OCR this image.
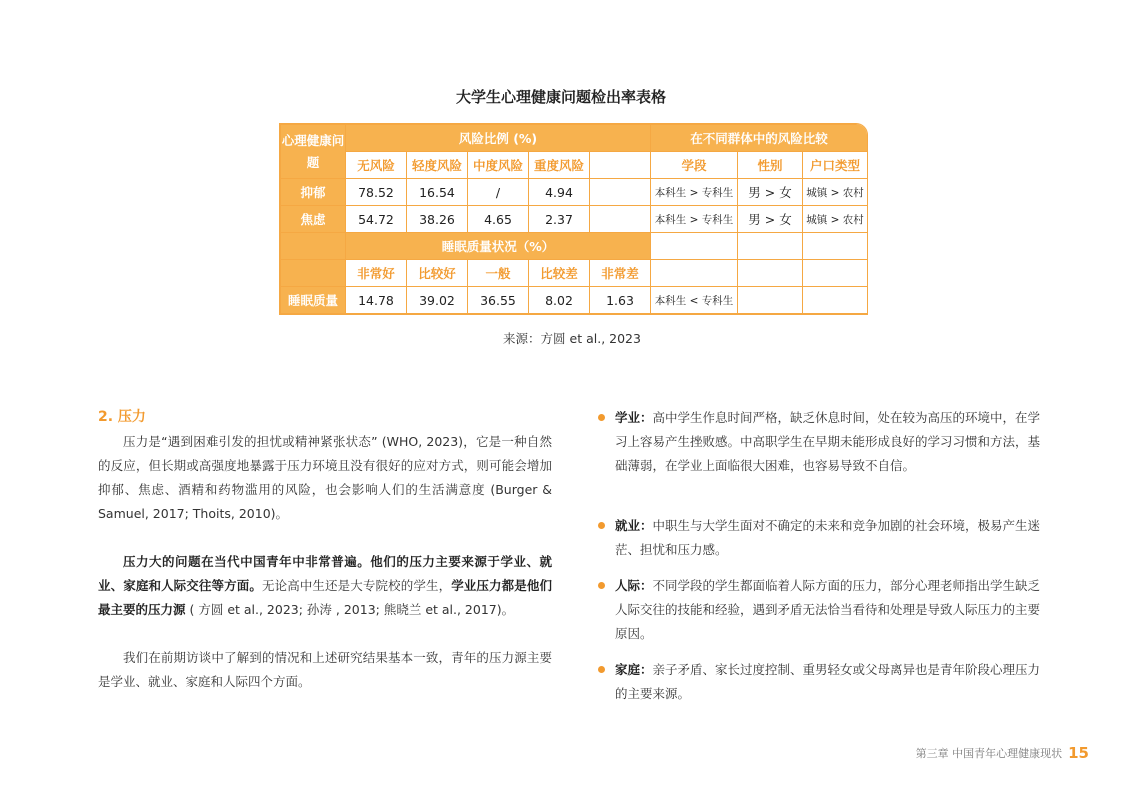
大学生心理健康问题检出率表格
心理健康问题	风险比例 (%)					在不同群体中的风险比较		
	无风险	轻度风险	中度风险	重度风险		学段	性别	户口类型
抑郁	78.52	16.54	/	4.94		本科生 > 专科生	男 > 女	城镇 > 农村
焦虑	54.72	38.26	4.65	2.37		本科生 > 专科生	男 > 女	城镇 > 农村
	睡眠质量状况（%）							
	非常好	比较好	一般	比较差	非常差			
睡眠质量	14.78	39.02	36.55	8.02	1.63	本科生 < 专科生		
来源：方圆 et al., 2023
2. 压力

压力是“遇到困难引发的担忧或精神紧张状态” (WHO, 2023)，它是一种自然的反应，但长期或高强度地暴露于压力环境且没有很好的应对方式，则可能会增加抑郁、焦虑、酒精和药物滥用的风险，也会影响人们的生活满意度 (Burger & Samuel, 2017; Thoits, 2010)。

压力大的问题在当代中国青年中非常普遍。他们的压力主要来源于学业、就业、家庭和人际交往等方面。无论高中生还是大专院校的学生，学业压力都是他们最主要的压力源 ( 方圆 et al., 2023; 孙涛 , 2013; 熊晓兰 et al., 2017)。

我们在前期访谈中了解到的情况和上述研究结果基本一致，青年的压力源主要是学业、就业、家庭和人际四个方面。

学业：高中学生作息时间严格，缺乏休息时间，处在较为高压的环境中，在学习上容易产生挫败感。中高职学生在早期未能形成良好的学习习惯和方法，基础薄弱，在学业上面临很大困难，也容易导致不自信。

就业：中职生与大学生面对不确定的未来和竞争加剧的社会环境，极易产生迷茫、担忧和压力感。

人际：不同学段的学生都面临着人际方面的压力，部分心理老师指出学生缺乏人际交往的技能和经验，遇到矛盾无法恰当看待和处理是导致人际压力的主要原因。

家庭：亲子矛盾、家长过度控制、重男轻女或父母离异也是青年阶段心理压力的主要来源。

第三章 中国青年心理健康现状 15
